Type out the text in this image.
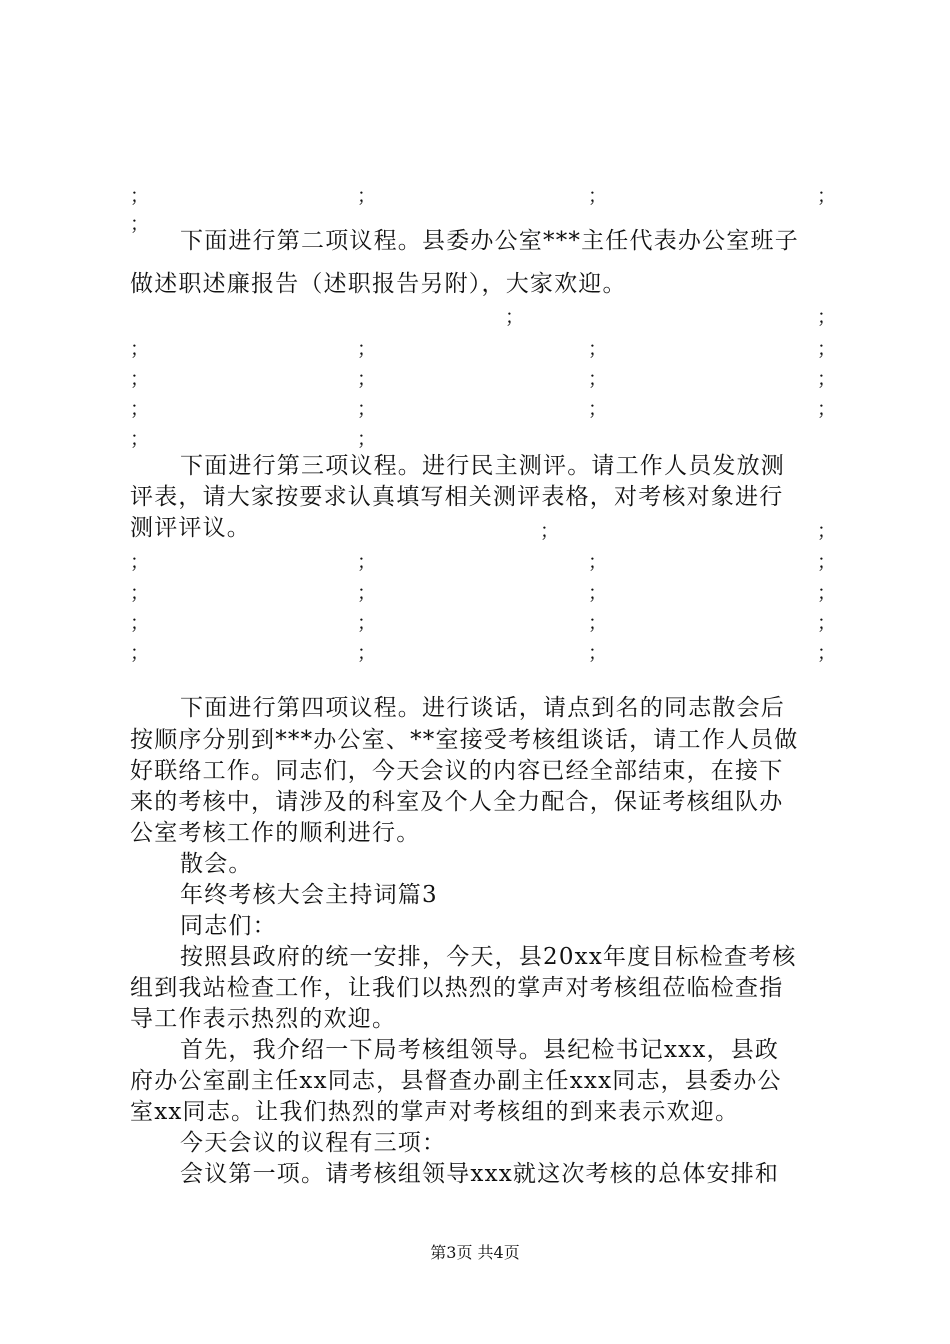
；	；	；	；
；
下面进行第二项议程。县委办公室***主任代表办公室班子
做述职述廉报告（述职报告另附），大家欢迎。
；	；
；	；	；	；
；	；	；	；
；	；	；	；
；	；
下面进行第三项议程。进行民主测评。请工作人员发放测
评表，请大家按要求认真填写相关测评表格，对考核对象进行
测评评议。	；	；
；	；	；	；
；	；	；	；
；	；	；	；
；	；	；	；
下面进行第四项议程。进行谈话，请点到名的同志散会后
按顺序分别到***办公室、**室接受考核组谈话，请工作人员做
好联络工作。同志们，今天会议的内容已经全部结束，在接下
来的考核中，请涉及的科室及个人全力配合，保证考核组队办
公室考核工作的顺利进行。
散会。
年终考核大会主持词篇3
同志们：
按照县政府的统一安排，今天，县20xx年度目标检查考核
组到我站检查工作，让我们以热烈的掌声对考核组莅临检查指
导工作表示热烈的欢迎。
首先，我介绍一下局考核组领导。县纪检书记xxx，县政
府办公室副主任xx同志，县督查办副主任xxx同志，县委办公
室xx同志。让我们热烈的掌声对考核组的到来表示欢迎。
今天会议的议程有三项：
会议第一项。请考核组领导xxx就这次考核的总体安排和
第3页 共4页
